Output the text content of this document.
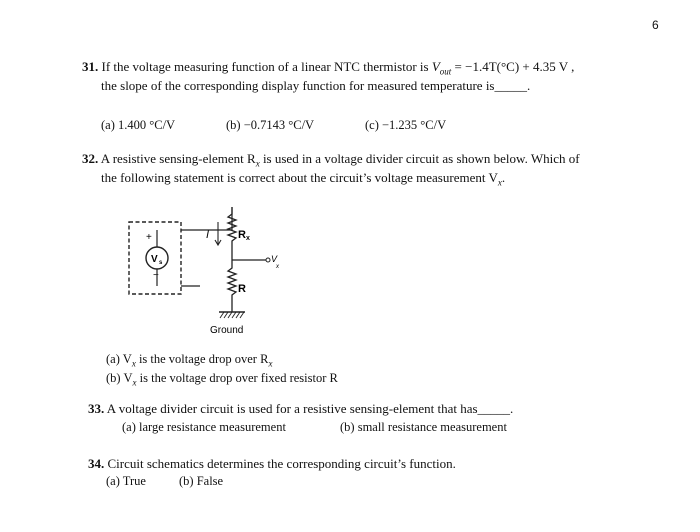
6
31. If the voltage measuring function of a linear NTC thermistor is $V_{out} = -1.4T(^\circ C) + 4.35$ V ,
the slope of the corresponding display function for measured temperature is_____.
(a) 1.400 °C/V	(b) −0.7143 °C/V	(c) −1.235 °C/V
32. A resistive sensing-element $R_x$ is used in a voltage divider circuit as shown below. Which of
the following statement is correct about the circuit’s voltage measurement $V_x$.
V s
+
−
I	R x
V
x
R
Ground
(a) $V_x$ is the voltage drop over $R_x$
(b) $V_x$ is the voltage drop over fixed resistor R
33. A voltage divider circuit is used for a resistive sensing-element that has_____.
(a) large resistance measurement	(b) small resistance measurement
34. Circuit schematics determines the corresponding circuit’s function.
(a) True	(b) False
